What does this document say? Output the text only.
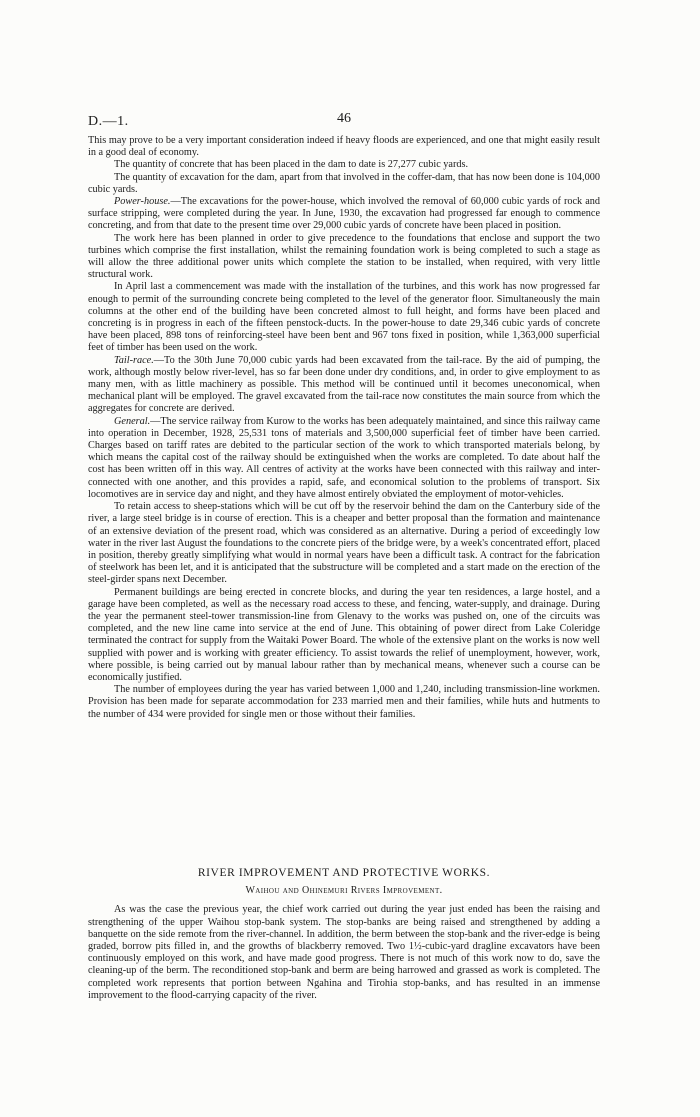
D.—1.	46

This may prove to be a very important consideration indeed if heavy floods are experienced, and one that might easily result in a good deal of economy.

The quantity of concrete that has been placed in the dam to date is 27,277 cubic yards.

The quantity of excavation for the dam, apart from that involved in the coffer-dam, that has now been done is 104,000 cubic yards.

Power-house.—The excavations for the power-house, which involved the removal of 60,000 cubic yards of rock and surface stripping, were completed during the year. In June, 1930, the excavation had progressed far enough to commence concreting, and from that date to the present time over 29,000 cubic yards of concrete have been placed in position.

The work here has been planned in order to give precedence to the foundations that enclose and support the two turbines which comprise the first installation, whilst the remaining foundation work is being completed to such a stage as will allow the three additional power units which complete the station to be installed, when required, with very little structural work.

In April last a commencement was made with the installation of the turbines, and this work has now progressed far enough to permit of the surrounding concrete being completed to the level of the generator floor. Simultaneously the main columns at the other end of the building have been concreted almost to full height, and forms have been placed and concreting is in progress in each of the fifteen penstock-ducts. In the power-house to date 29,346 cubic yards of concrete have been placed, 898 tons of reinforcing-steel have been bent and 967 tons fixed in position, while 1,363,000 superficial feet of timber has been used on the work.

Tail-race.—To the 30th June 70,000 cubic yards had been excavated from the tail-race. By the aid of pumping, the work, although mostly below river-level, has so far been done under dry conditions, and, in order to give employment to as many men, with as little machinery as possible. This method will be continued until it becomes uneconomical, when mechanical plant will be employed. The gravel excavated from the tail-race now constitutes the main source from which the aggregates for concrete are derived.

General.—The service railway from Kurow to the works has been adequately maintained, and since this railway came into operation in December, 1928, 25,531 tons of materials and 3,500,000 superficial feet of timber have been carried. Charges based on tariff rates are debited to the particular section of the work to which transported materials belong, by which means the capital cost of the railway should be extinguished when the works are completed. To date about half the cost has been written off in this way. All centres of activity at the works have been connected with this railway and inter-connected with one another, and this provides a rapid, safe, and economical solution to the problems of transport. Six locomotives are in service day and night, and they have almost entirely obviated the employment of motor-vehicles.

To retain access to sheep-stations which will be cut off by the reservoir behind the dam on the Canterbury side of the river, a large steel bridge is in course of erection. This is a cheaper and better proposal than the formation and maintenance of an extensive deviation of the present road, which was considered as an alternative. During a period of exceedingly low water in the river last August the foundations to the concrete piers of the bridge were, by a week's concentrated effort, placed in position, thereby greatly simplifying what would in normal years have been a difficult task. A contract for the fabrication of steelwork has been let, and it is anticipated that the substructure will be completed and a start made on the erection of the steel-girder spans next December.

Permanent buildings are being erected in concrete blocks, and during the year ten residences, a large hostel, and a garage have been completed, as well as the necessary road access to these, and fencing, water-supply, and drainage. During the year the permanent steel-tower transmission-line from Glenavy to the works was pushed on, one of the circuits was completed, and the new line came into service at the end of June. This obtaining of power direct from Lake Coleridge terminated the contract for supply from the Waitaki Power Board. The whole of the extensive plant on the works is now well supplied with power and is working with greater efficiency. To assist towards the relief of unemployment, however, work, where possible, is being carried out by manual labour rather than by mechanical means, whenever such a course can be economically justified.

The number of employees during the year has varied between 1,000 and 1,240, including transmission-line workmen. Provision has been made for separate accommodation for 233 married men and their families, while huts and hutments to the number of 434 were provided for single men or those without their families.

RIVER IMPROVEMENT AND PROTECTIVE WORKS.
Waihou and Ohinemuri Rivers Improvement.

As was the case the previous year, the chief work carried out during the year just ended has been the raising and strengthening of the upper Waihou stop-bank system. The stop-banks are being raised and strengthened by adding a banquette on the side remote from the river-channel. In addition, the berm between the stop-bank and the river-edge is being graded, borrow pits filled in, and the growths of blackberry removed. Two 1½-cubic-yard dragline excavators have been continuously employed on this work, and have made good progress. There is not much of this work now to do, save the cleaning-up of the berm. The reconditioned stop-bank and berm are being harrowed and grassed as work is completed. The completed work represents that portion between Ngahina and Tirohia stop-banks, and has resulted in an immense improvement to the flood-carrying capacity of the river.
